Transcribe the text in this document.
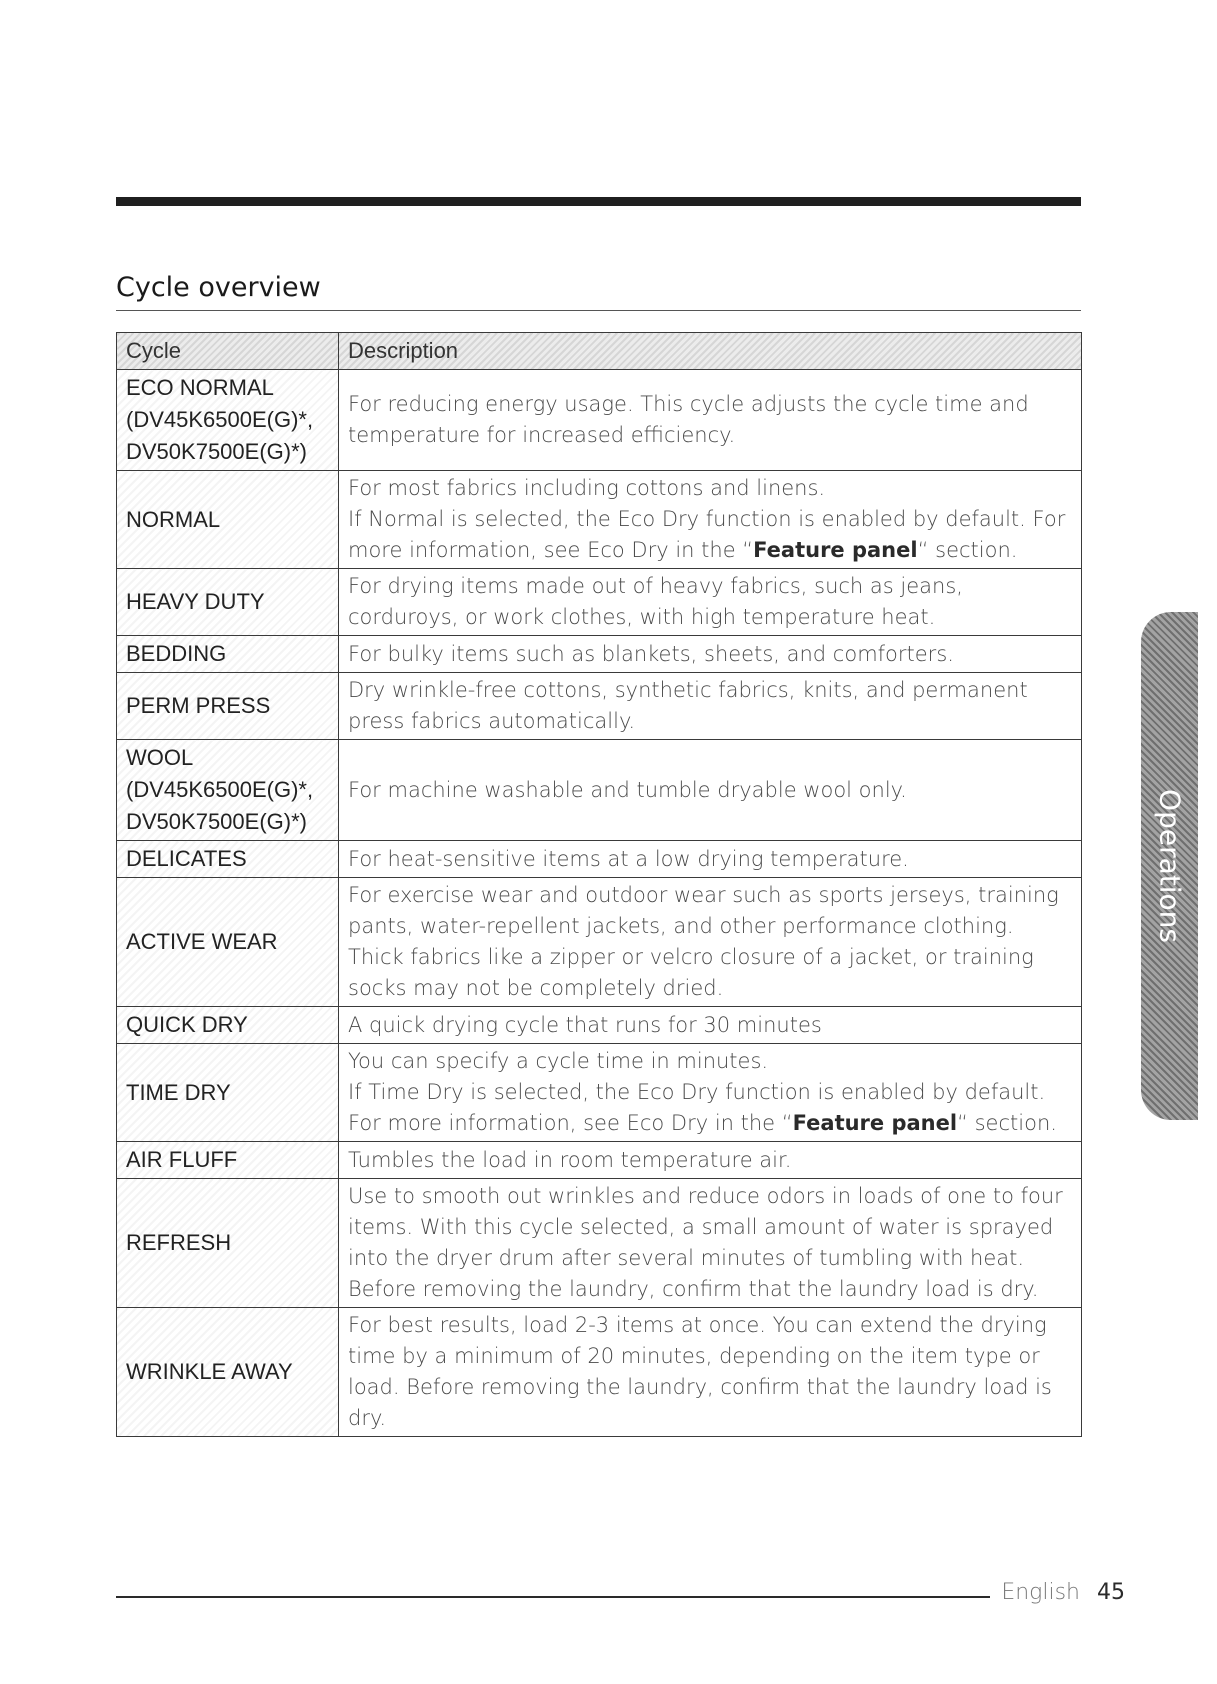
Cycle overview
Cycle	Description

ECO NORMAL
(DV45K6500E(G)*,
DV50K7500E(G)*)	For reducing energy usage. This cycle adjusts the cycle time and temperature for increased efficiency.

NORMAL	For most fabrics including cottons and linens.

If Normal is selected, the Eco Dry function is enabled by default. For more information, see Eco Dry in the “Feature panel“ section.

HEAVY DUTY	For drying items made out of heavy fabrics, such as jeans, corduroys, or work clothes, with high temperature heat.

BEDDING	For bulky items such as blankets, sheets, and comforters.

PERM PRESS	Dry wrinkle-free cottons, synthetic fabrics, knits, and permanent press fabrics automatically.

WOOL
(DV45K6500E(G)*,
DV50K7500E(G)*)	For machine washable and tumble dryable wool only.

DELICATES	For heat-sensitive items at a low drying temperature.

ACTIVE WEAR	For exercise wear and outdoor wear such as sports jerseys, training pants, water-repellent jackets, and other performance clothing.

Thick fabrics like a zipper or velcro closure of a jacket, or training socks may not be completely dried.

QUICK DRY	A quick drying cycle that runs for 30 minutes

TIME DRY	You can specify a cycle time in minutes.

If Time Dry is selected, the Eco Dry function is enabled by default. For more information, see Eco Dry in the “Feature panel“ section.

AIR FLUFF	Tumbles the load in room temperature air.

REFRESH	Use to smooth out wrinkles and reduce odors in loads of one to four items. With this cycle selected, a small amount of water is sprayed into the dryer drum after several minutes of tumbling with heat. Before removing the laundry, confirm that the laundry load is dry.

WRINKLE AWAY	For best results, load 2-3 items at once. You can extend the drying time by a minimum of 20 minutes, depending on the item type or load. Before removing the laundry, confirm that the laundry load is dry.

Operations
English 45
